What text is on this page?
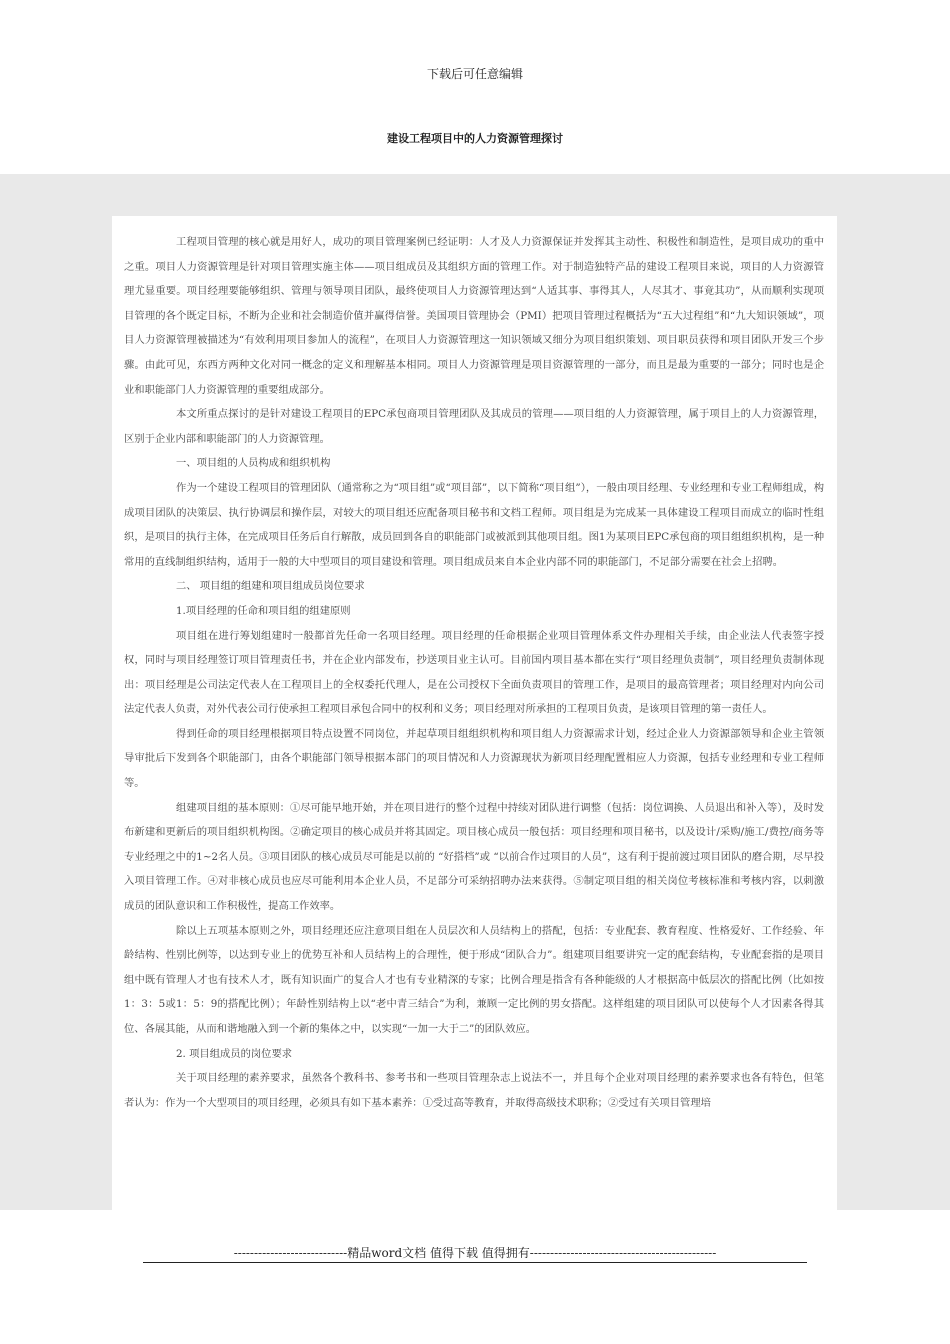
下载后可任意编辑
建设工程项目中的人力资源管理探讨

工程项目管理的核心就是用好人，成功的项目管理案例已经证明：人才及人力资源保证并发挥其主动性、积极性和制造性，是项目成功的重中之重。项目人力资源管理是针对项目管理实施主体——项目组成员及其组织方面的管理工作。对于制造独特产品的建设工程项目来说，项目的人力资源管理尤显重要。项目经理要能够组织、管理与领导项目团队，最终使项目人力资源管理达到“人适其事、事得其人，人尽其才、事竟其功”，从而顺利实现项目管理的各个既定目标，不断为企业和社会制造价值并赢得信誉。美国项目管理协会（PMI）把项目管理过程概括为“五大过程组”和“九大知识领域”，项目人力资源管理被描述为“有效利用项目参加人的流程”，在项目人力资源管理这一知识领域又细分为项目组织策划、项目职员获得和项目团队开发三个步骤。由此可见，东西方两种文化对同一概念的定义和理解基本相同。项目人力资源管理是项目资源管理的一部分，而且是最为重要的一部分；同时也是企业和职能部门人力资源管理的重要组成部分。

本文所重点探讨的是针对建设工程项目的EPC承包商项目管理团队及其成员的管理——项目组的人力资源管理，属于项目上的人力资源管理，区别于企业内部和职能部门的人力资源管理。

一、项目组的人员构成和组织机构

作为一个建设工程项目的管理团队（通常称之为“项目组”或“项目部”，以下简称“项目组”），一般由项目经理、专业经理和专业工程师组成，构成项目团队的决策层、执行协调层和操作层，对较大的项目组还应配备项目秘书和文档工程师。项目组是为完成某一具体建设工程项目而成立的临时性组织，是项目的执行主体，在完成项目任务后自行解散，成员回到各自的职能部门或被派到其他项目组。图1为某项目EPC承包商的项目组组织机构，是一种常用的直线制组织结构，适用于一般的大中型项目的项目建设和管理。项目组成员来自本企业内部不同的职能部门，不足部分需要在社会上招聘。

二、 项目组的组建和项目组成员岗位要求

1.项目经理的任命和项目组的组建原则

项目组在进行筹划组建时一般都首先任命一名项目经理。项目经理的任命根据企业项目管理体系文件办理相关手续，由企业法人代表签字授权，同时与项目经理签订项目管理责任书，并在企业内部发布，抄送项目业主认可。目前国内项目基本都在实行“项目经理负责制”，项目经理负责制体现出：项目经理是公司法定代表人在工程项目上的全权委托代理人，是在公司授权下全面负责项目的管理工作，是项目的最高管理者；项目经理对内向公司法定代表人负责，对外代表公司行使承担工程项目承包合同中的权利和义务；项目经理对所承担的工程项目负责，是该项目管理的第一责任人。

得到任命的项目经理根据项目特点设置不同岗位，并起草项目组组织机构和项目组人力资源需求计划，经过企业人力资源部领导和企业主管领导审批后下发到各个职能部门，由各个职能部门领导根据本部门的项目情况和人力资源现状为新项目经理配置相应人力资源，包括专业经理和专业工程师等。

组建项目组的基本原则：①尽可能早地开始，并在项目进行的整个过程中持续对团队进行调整（包括：岗位调换、人员退出和补入等），及时发布新建和更新后的项目组织机构图。②确定项目的核心成员并将其固定。项目核心成员一般包括：项目经理和项目秘书，以及设计/采购/施工/费控/商务等专业经理之中的1~2名人员。③项目团队的核心成员尽可能是以前的 “好搭档”或 “以前合作过项目的人员”，这有利于提前渡过项目团队的磨合期，尽早投入项目管理工作。④对非核心成员也应尽可能利用本企业人员，不足部分可采纳招聘办法来获得。⑤制定项目组的相关岗位考核标准和考核内容，以刺激成员的团队意识和工作积极性，提高工作效率。

除以上五项基本原则之外，项目经理还应注意项目组在人员层次和人员结构上的搭配，包括：专业配套、教育程度、性格爱好、工作经验、年龄结构、性别比例等，以达到专业上的优势互补和人员结构上的合理性，便于形成“团队合力”。组建项目组要讲究一定的配套结构，专业配套指的是项目组中既有管理人才也有技术人才，既有知识面广的复合人才也有专业精深的专家；比例合理是指含有各种能级的人才根据高中低层次的搭配比例（比如按1：3：5或1：5：9的搭配比例）；年龄性别结构上以“老中青三结合”为利，兼顾一定比例的男女搭配。这样组建的项目团队可以使每个人才因素各得其位、各展其能，从而和谐地融入到一个新的集体之中，以实现“一加一大于二”的团队效应。

2. 项目组成员的岗位要求

关于项目经理的素养要求，虽然各个教科书、参考书和一些项目管理杂志上说法不一，并且每个企业对项目经理的素养要求也各有特色，但笔者认为：作为一个大型项目的项目经理，必须具有如下基本素养：①受过高等教育，并取得高级技术职称；②受过有关项目管理培

----------------------------精品word文档 值得下载 值得拥有----------------------------------------------
